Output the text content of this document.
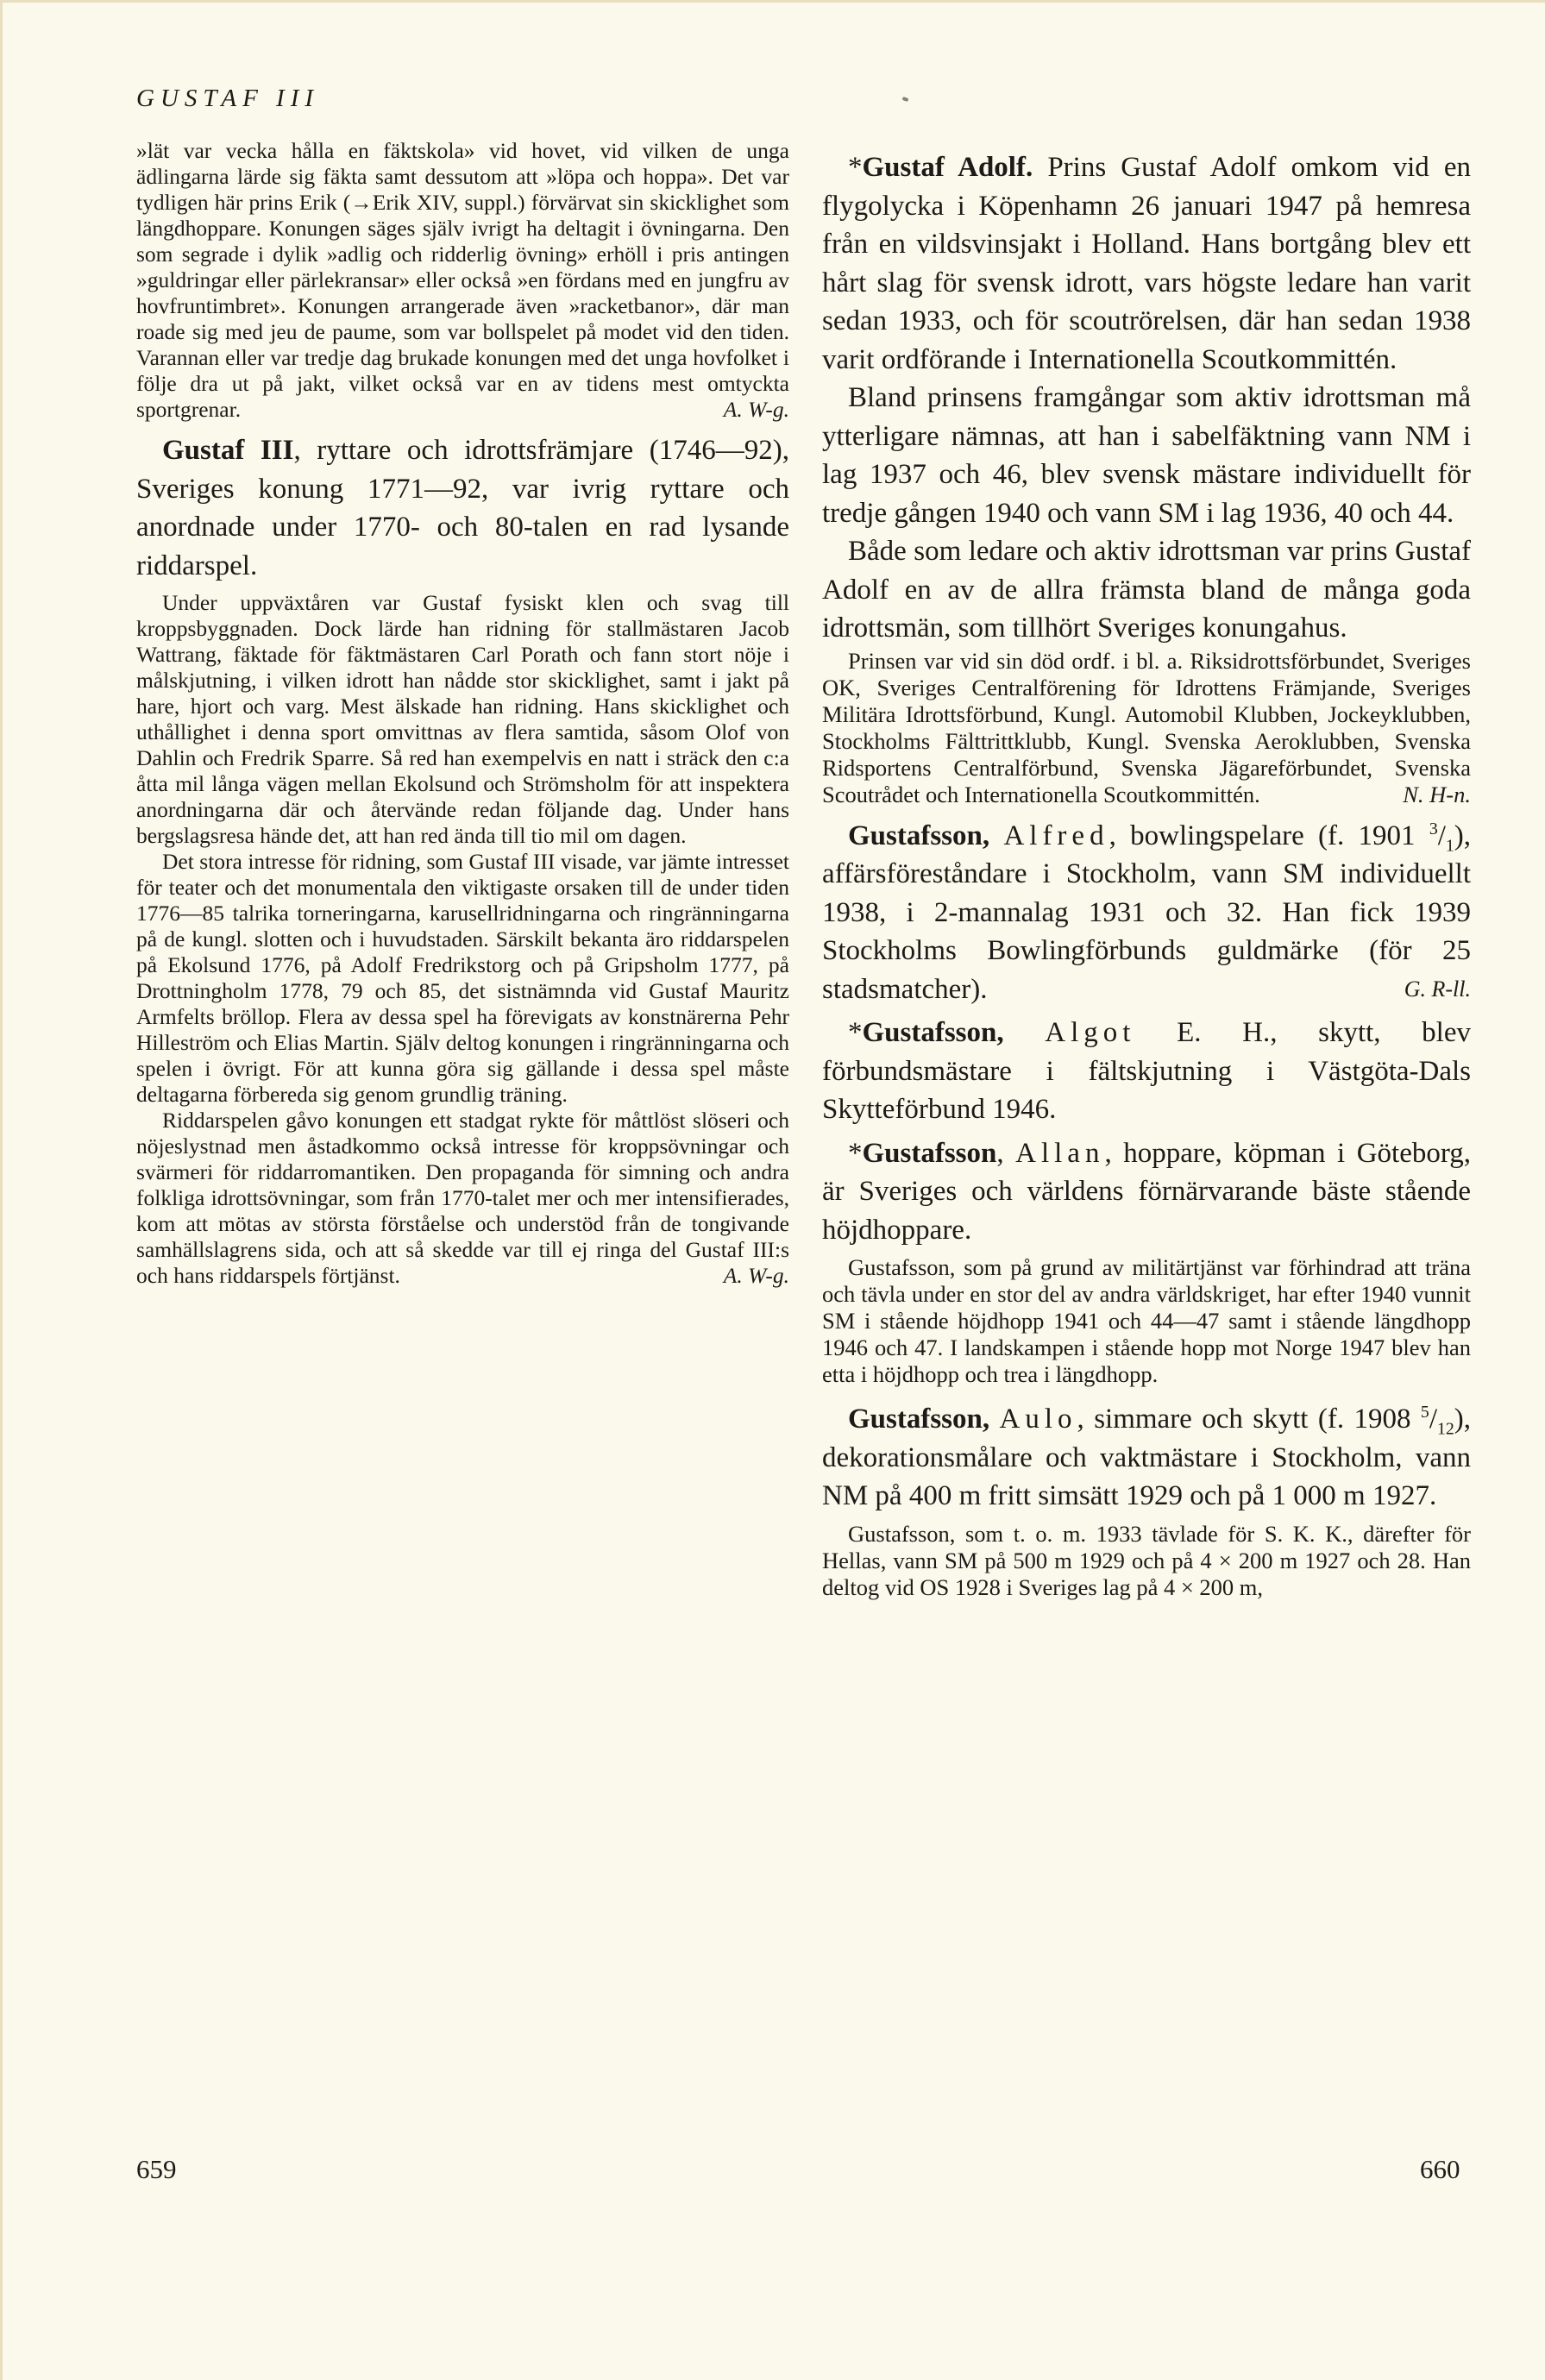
GUSTAF III

»lät var vecka hålla en fäktskola» vid hovet, vid vilken de unga ädlingarna lärde sig fäkta samt dessutom att »löpa och hoppa». Det var tydligen här prins Erik (→Erik XIV, suppl.) förvärvat sin skicklighet som längdhoppare. Konungen säges själv ivrigt ha deltagit i övningarna. Den som segrade i dylik »adlig och ridderlig övning» erhöll i pris antingen »guldringar eller pärlekransar» eller också »en fördans med en jungfru av hovfruntimbret». Konungen arrangerade även »racketbanor», där man roade sig med jeu de paume, som var bollspelet på modet vid den tiden. Varannan eller var tredje dag brukade konungen med det unga hovfolket i följe dra ut på jakt, vilket också var en av tidens mest omtyckta sportgrenar.	A. W-g.

Gustaf III, ryttare och idrottsfrämjare (1746—92), Sveriges konung 1771—92, var ivrig ryttare och anordnade under 1770- och 80-talen en rad lysande riddarspel.

Under uppväxtåren var Gustaf fysiskt klen och svag till kroppsbyggnaden. Dock lärde han ridning för stallmästaren Jacob Wattrang, fäktade för fäktmästaren Carl Porath och fann stort nöje i målskjutning, i vilken idrott han nådde stor skicklighet, samt i jakt på hare, hjort och varg. Mest älskade han ridning. Hans skicklighet och uthållighet i denna sport omvittnas av flera samtida, såsom Olof von Dahlin och Fredrik Sparre. Så red han exempelvis en natt i sträck den c:a åtta mil långa vägen mellan Ekolsund och Strömsholm för att inspektera anordningarna där och återvände redan följande dag. Under hans bergslagsresa hände det, att han red ända till tio mil om dagen.

Det stora intresse för ridning, som Gustaf III visade, var jämte intresset för teater och det monumentala den viktigaste orsaken till de under tiden 1776—85 talrika torneringarna, karusellridningarna och ringränningarna på de kungl. slotten och i huvudstaden. Särskilt bekanta äro riddarspelen på Ekolsund 1776, på Adolf Fredrikstorg och på Gripsholm 1777, på Drottningholm 1778, 79 och 85, det sistnämnda vid Gustaf Mauritz Armfelts bröllop. Flera av dessa spel ha förevigats av konstnärerna Pehr Hilleström och Elias Martin. Själv deltog konungen i ringränningarna och spelen i övrigt. För att kunna göra sig gällande i dessa spel måste deltagarna förbereda sig genom grundlig träning.

Riddarspelen gåvo konungen ett stadgat rykte för måttlöst slöseri och nöjeslystnad men åstadkommo också intresse för kroppsövningar och svärmeri för riddarromantiken. Den propaganda för simning och andra folkliga idrottsövningar, som från 1770-talet mer och mer intensifierades, kom att mötas av största förståelse och understöd från de tongivande samhällslagrens sida, och att så skedde var till ej ringa del Gustaf III:s och hans riddarspels förtjänst.	A. W-g.

*Gustaf Adolf. Prins Gustaf Adolf omkom vid en flygolycka i Köpenhamn 26 januari 1947 på hemresa från en vildsvinsjakt i Holland. Hans bortgång blev ett hårt slag för svensk idrott, vars högste ledare han varit sedan 1933, och för scoutrörelsen, där han sedan 1938 varit ordförande i Internationella Scoutkommittén.

Bland prinsens framgångar som aktiv idrottsman må ytterligare nämnas, att han i sabelfäktning vann NM i lag 1937 och 46, blev svensk mästare individuellt för tredje gången 1940 och vann SM i lag 1936, 40 och 44.

Både som ledare och aktiv idrottsman var prins Gustaf Adolf en av de allra främsta bland de många goda idrottsmän, som tillhört Sveriges konungahus.

Prinsen var vid sin död ordf. i bl. a. Riksidrottsförbundet, Sveriges OK, Sveriges Centralförening för Idrottens Främjande, Sveriges Militära Idrottsförbund, Kungl. Automobil Klubben, Jockeyklubben, Stockholms Fälttrittklubb, Kungl. Svenska Aeroklubben, Svenska Ridsportens Centralförbund, Svenska Jägareförbundet, Svenska Scoutrådet och Internationella Scoutkommittén.	N. H-n.

Gustafsson, Alfred, bowlingspelare (f. 1901 $^3/_1$), affärsföreståndare i Stockholm, vann SM individuellt 1938, i 2-mannalag 1931 och 32. Han fick 1939 Stockholms Bowlingförbunds guldmärke (för 25 stadsmatcher).	G. R-ll.

*Gustafsson, Algot E. H., skytt, blev förbundsmästare i fältskjutning i Västgöta-Dals Skytteförbund 1946.

*Gustafsson, Allan, hoppare, köpman i Göteborg, är Sveriges och världens förnärvarande bäste stående höjdhoppare.

Gustafsson, som på grund av militärtjänst var förhindrad att träna och tävla under en stor del av andra världskriget, har efter 1940 vunnit SM i stående höjdhopp 1941 och 44—47 samt i stående längdhopp 1946 och 47. I landskampen i stående hopp mot Norge 1947 blev han etta i höjdhopp och trea i längdhopp.

Gustafsson, Aulo, simmare och skytt (f. 1908 $^5/_{12}$), dekorationsmålare och vaktmästare i Stockholm, vann NM på 400 m fritt simsätt 1929 och på 1 000 m 1927.

Gustafsson, som t. o. m. 1933 tävlade för S. K. K., därefter för Hellas, vann SM på 500 m 1929 och på 4 × 200 m 1927 och 28. Han deltog vid OS 1928 i Sveriges lag på 4 × 200 m,

659	660
